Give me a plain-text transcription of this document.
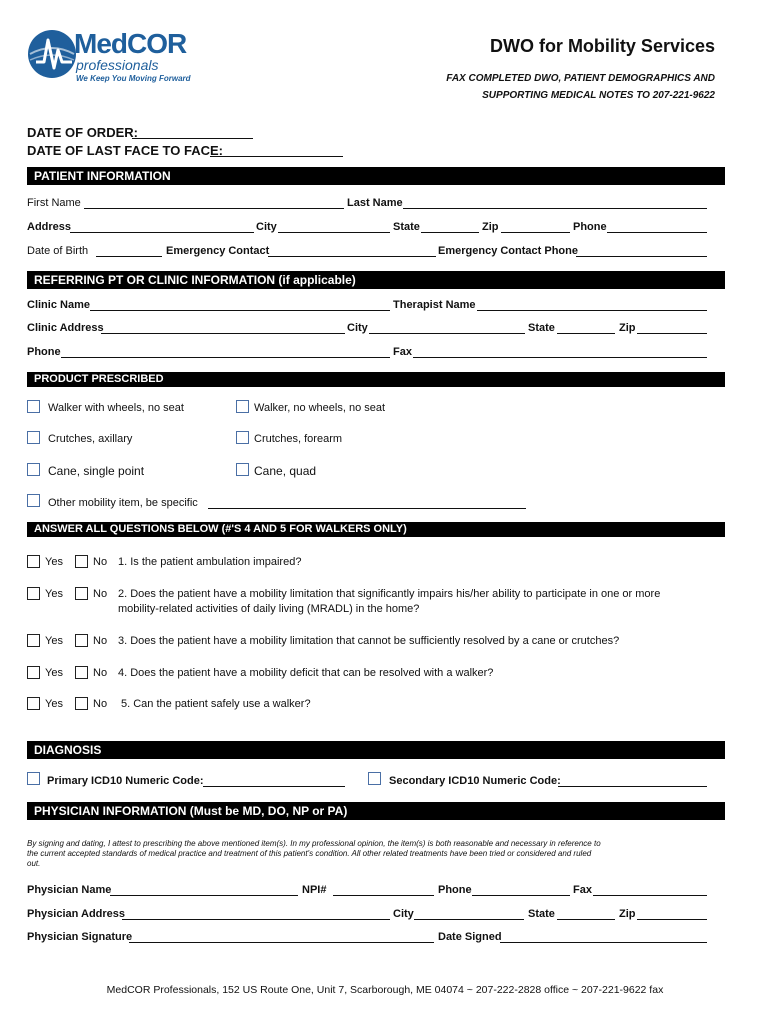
MedCOR
professionals
We Keep You Moving Forward
DWO for Mobility Services
FAX COMPLETED DWO, PATIENT DEMOGRAPHICS AND
SUPPORTING MEDICAL NOTES TO 207-221-9622
DATE OF ORDER:
DATE OF LAST FACE TO FACE:
PATIENT INFORMATION
First Name	Last Name
Address	City	State	Zip	Phone
Date of Birth	Emergency Contact	Emergency Contact Phone
REFERRING PT OR CLINIC INFORMATION (if applicable)
Clinic Name	Therapist Name
Clinic Address	City	State	Zip
Phone	Fax
PRODUCT PRESCRIBED
Walker with wheels, no seat	Walker, no wheels, no seat
Crutches, axillary	Crutches, forearm
Cane, single point	Cane, quad
Other mobility item, be specific
ANSWER ALL QUESTIONS BELOW (#'S 4 AND 5 FOR WALKERS ONLY)
Yes	No 1. Is the patient ambulation impaired?
Yes	No 2. Does the patient have a mobility limitation that significantly impairs his/her ability to participate in one or more
mobility-related activities of daily living (MRADL) in the home?
Yes	No 3. Does the patient have a mobility limitation that cannot be sufficiently resolved by a cane or crutches?
Yes	No 4. Does the patient have a mobility deficit that can be resolved with a walker?
Yes	No 5. Can the patient safely use a walker?
DIAGNOSIS
Primary ICD10 Numeric Code:	Secondary ICD10 Numeric Code:
PHYSICIAN INFORMATION (Must be MD, DO, NP or PA)
By signing and dating, I attest to prescribing the above mentioned item(s). In my professional opinion, the item(s) is both reasonable and necessary in reference to
the current accepted standards of medical practice and treatment of this patient's condition. All other related treatments have been tried or considered and ruled
out.
Physician Name	NPI#	Phone	Fax
Physician Address	City	State	Zip
Physician Signature	Date Signed
MedCOR Professionals, 152 US Route One, Unit 7, Scarborough, ME 04074 ~ 207-222-2828 office ~ 207-221-9622 fax
